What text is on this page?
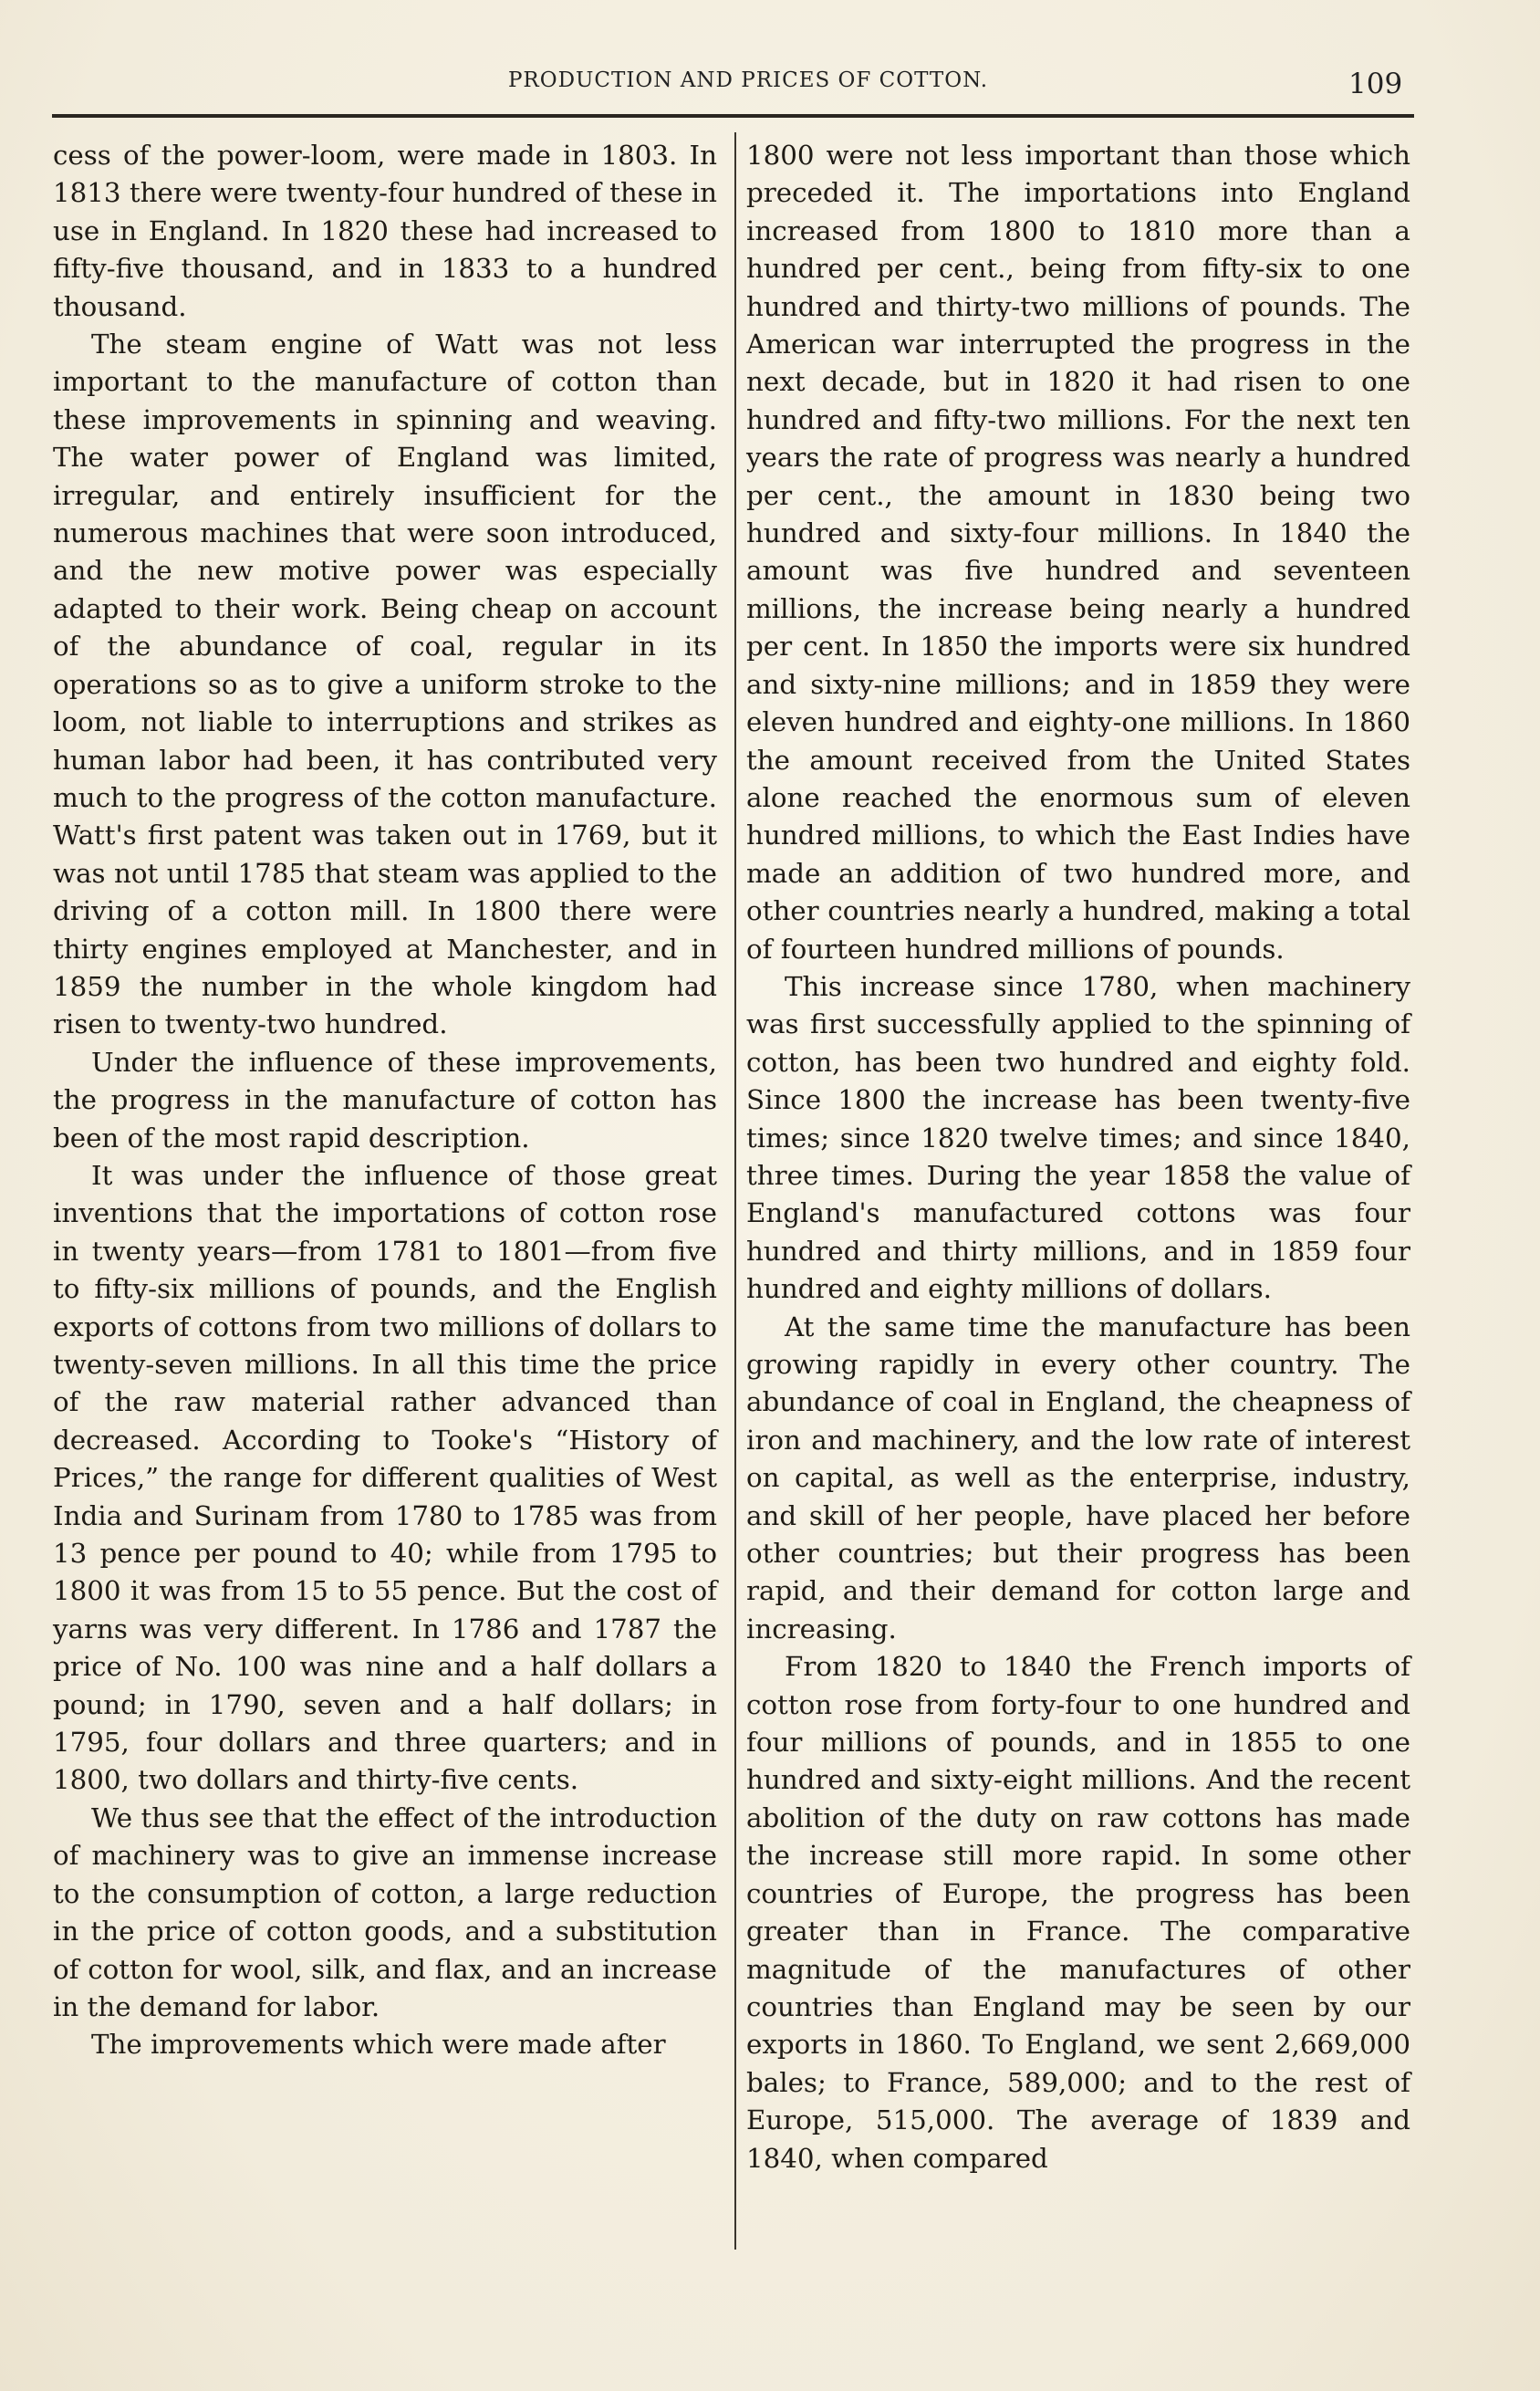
PRODUCTION AND PRICES OF COTTON.	109

cess of the power-loom, were made in 1803. In 1813 there were twenty-four hundred of these in use in England. In 1820 these had increased to fifty-five thousand, and in 1833 to a hundred thousand.

The steam engine of Watt was not less important to the manufacture of cotton than these improvements in spinning and weaving. The water power of England was limited, irregular, and entirely insufficient for the numerous machines that were soon introduced, and the new motive power was especially adapted to their work. Being cheap on account of the abundance of coal, regular in its operations so as to give a uniform stroke to the loom, not liable to interruptions and strikes as human labor had been, it has contributed very much to the progress of the cotton manufacture. Watt's first patent was taken out in 1769, but it was not until 1785 that steam was applied to the driving of a cotton mill. In 1800 there were thirty engines employed at Manchester, and in 1859 the number in the whole kingdom had risen to twenty-two hundred.

Under the influence of these improvements, the progress in the manufacture of cotton has been of the most rapid description.

It was under the influence of those great inventions that the importations of cotton rose in twenty years—from 1781 to 1801—from five to fifty-six millions of pounds, and the English exports of cottons from two millions of dollars to twenty-seven millions. In all this time the price of the raw material rather advanced than decreased. According to Tooke's “History of Prices,” the range for different qualities of West India and Surinam from 1780 to 1785 was from 13 pence per pound to 40; while from 1795 to 1800 it was from 15 to 55 pence. But the cost of yarns was very different. In 1786 and 1787 the price of No. 100 was nine and a half dollars a pound; in 1790, seven and a half dollars; in 1795, four dollars and three quarters; and in 1800, two dollars and thirty-five cents.

We thus see that the effect of the introduction of machinery was to give an immense increase to the consumption of cotton, a large reduction in the price of cotton goods, and a substitution of cotton for wool, silk, and flax, and an increase in the demand for labor.

The improvements which were made after

1800 were not less important than those which preceded it. The importations into England increased from 1800 to 1810 more than a hundred per cent., being from fifty-six to one hundred and thirty-two millions of pounds. The American war interrupted the progress in the next decade, but in 1820 it had risen to one hundred and fifty-two millions. For the next ten years the rate of progress was nearly a hundred per cent., the amount in 1830 being two hundred and sixty-four millions. In 1840 the amount was five hundred and seventeen millions, the increase being nearly a hundred per cent. In 1850 the imports were six hundred and sixty-nine millions; and in 1859 they were eleven hundred and eighty-one millions. In 1860 the amount received from the United States alone reached the enormous sum of eleven hundred millions, to which the East Indies have made an addition of two hundred more, and other countries nearly a hundred, making a total of fourteen hundred millions of pounds.

This increase since 1780, when machinery was first successfully applied to the spinning of cotton, has been two hundred and eighty fold. Since 1800 the increase has been twenty-five times; since 1820 twelve times; and since 1840, three times. During the year 1858 the value of England's manufactured cottons was four hundred and thirty millions, and in 1859 four hundred and eighty millions of dollars.

At the same time the manufacture has been growing rapidly in every other country. The abundance of coal in England, the cheapness of iron and machinery, and the low rate of interest on capital, as well as the enterprise, industry, and skill of her people, have placed her before other countries; but their progress has been rapid, and their demand for cotton large and increasing.

From 1820 to 1840 the French imports of cotton rose from forty-four to one hundred and four millions of pounds, and in 1855 to one hundred and sixty-eight millions. And the recent abolition of the duty on raw cottons has made the increase still more rapid. In some other countries of Europe, the progress has been greater than in France. The comparative magnitude of the manufactures of other countries than England may be seen by our exports in 1860. To England, we sent 2,669,000 bales; to France, 589,000; and to the rest of Europe, 515,000. The average of 1839 and 1840, when compared
